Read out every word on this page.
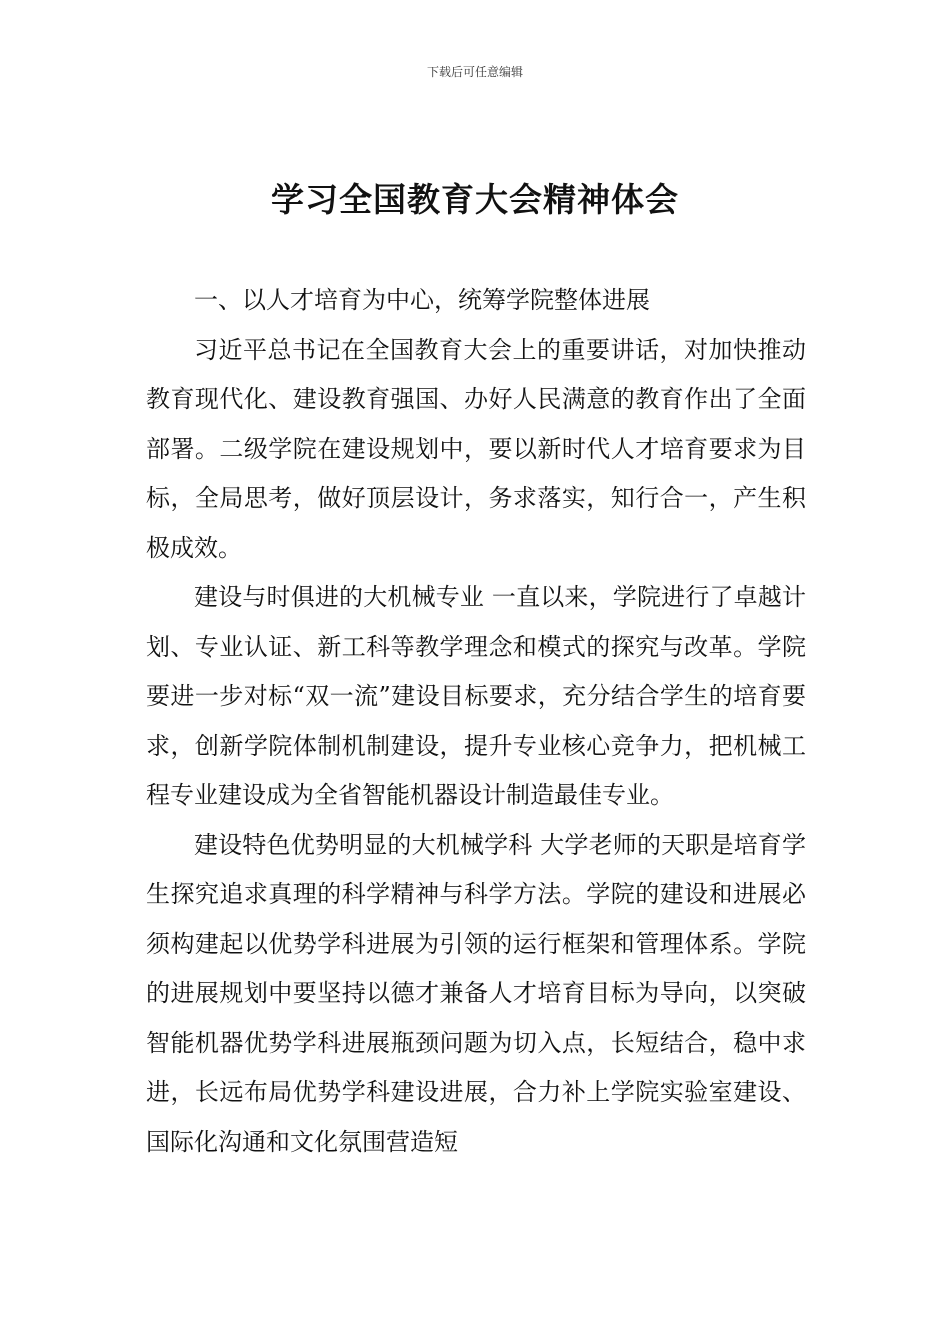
下载后可任意编辑
学习全国教育大会精神体会

一、以人才培育为中心，统筹学院整体进展

习近平总书记在全国教育大会上的重要讲话，对加快推动教育现代化、建设教育强国、办好人民满意的教育作出了全面部署。二级学院在建设规划中，要以新时代人才培育要求为目标，全局思考，做好顶层设计，务求落实，知行合一，产生积极成效。

建设与时俱进的大机械专业 一直以来，学院进行了卓越计划、专业认证、新工科等教学理念和模式的探究与改革。学院要进一步对标“双一流”建设目标要求，充分结合学生的培育要求，创新学院体制机制建设，提升专业核心竞争力，把机械工程专业建设成为全省智能机器设计制造最佳专业。

建设特色优势明显的大机械学科 大学老师的天职是培育学生探究追求真理的科学精神与科学方法。学院的建设和进展必须构建起以优势学科进展为引领的运行框架和管理体系。学院的进展规划中要坚持以德才兼备人才培育目标为导向，以突破智能机器优势学科进展瓶颈问题为切入点，长短结合，稳中求进，长远布局优势学科建设进展，合力补上学院实验室建设、国际化沟通和文化氛围营造短
